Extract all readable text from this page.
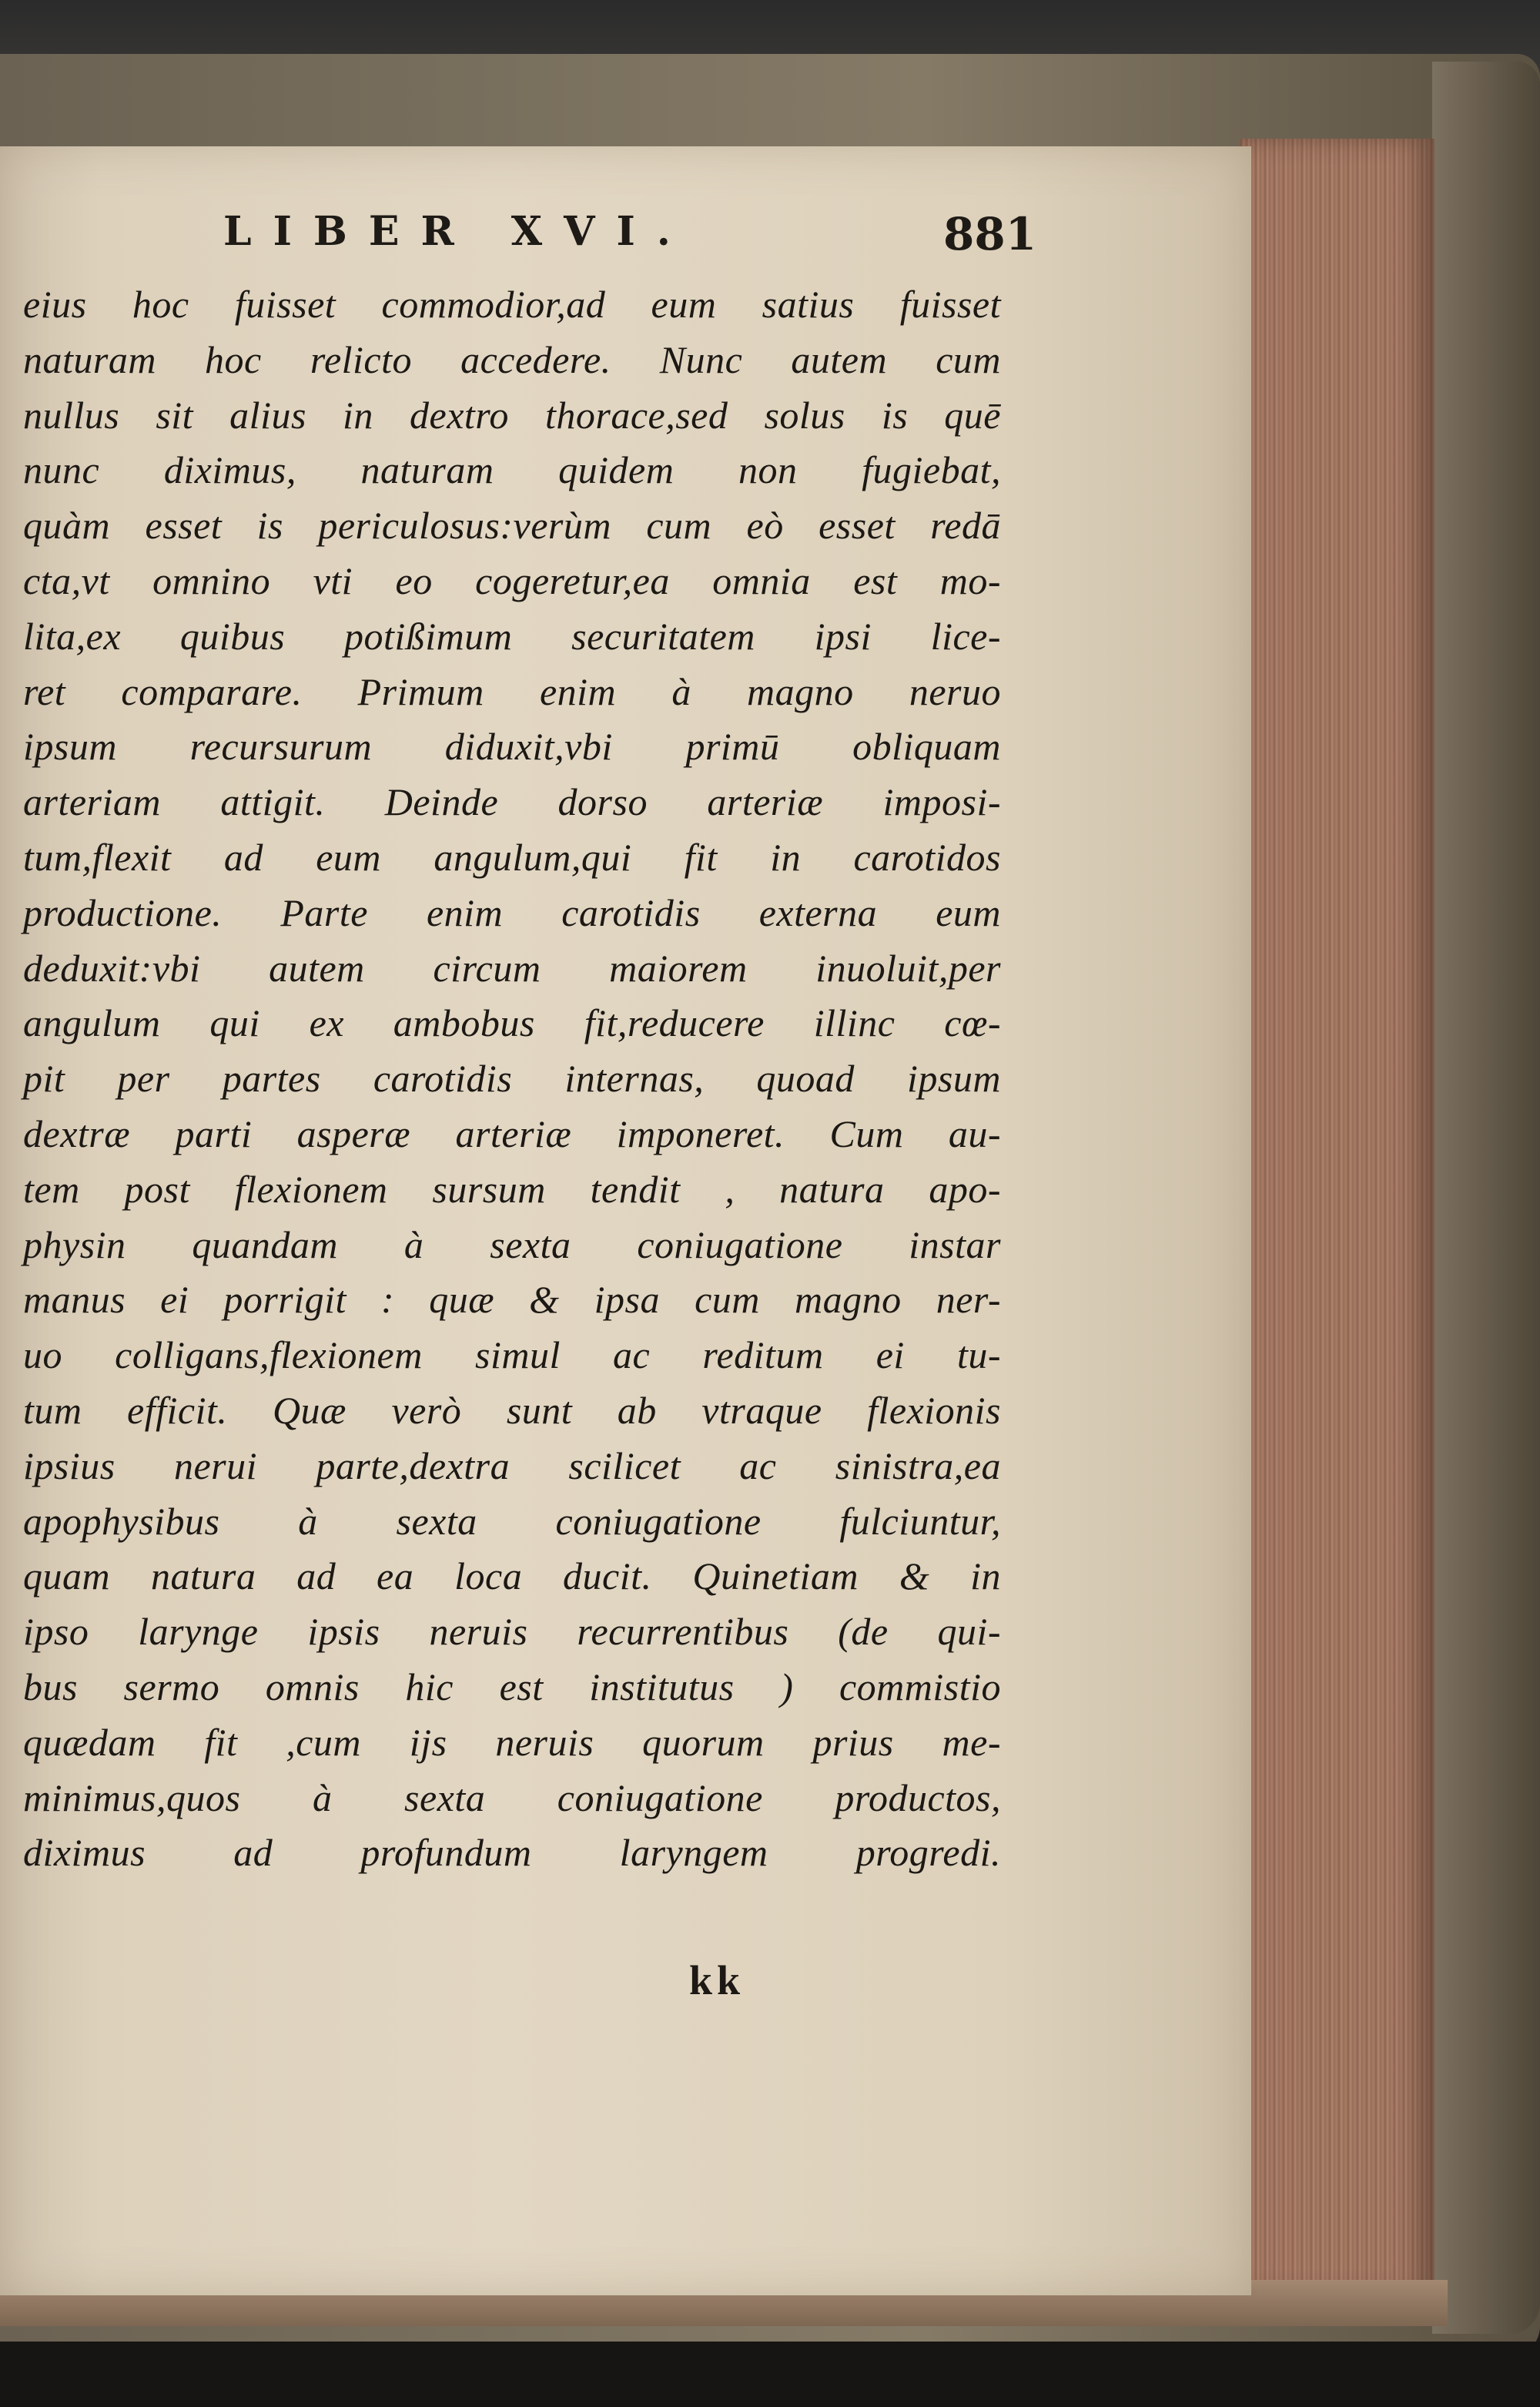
LIBER XVI.	881
eius hoc fuisset commodior,ad eum satius fuisset
naturam hoc relicto accedere. Nunc autem cum
nullus sit alius in dextro thorace,sed solus is quē
nunc diximus, naturam quidem non fugiebat,
quàm esset is periculosus:verùm cum eò esset redā
cta,vt omnino vti eo cogeretur,ea omnia est mo-
lita,ex quibus potißimum securitatem ipsi lice-
ret comparare. Primum enim à magno neruo
ipsum recursurum diduxit,vbi primū obliquam
arteriam attigit. Deinde dorso arteriæ imposi-
tum,flexit ad eum angulum,qui fit in carotidos
productione. Parte enim carotidis externa eum
deduxit:vbi autem circum maiorem inuoluit,per
angulum qui ex ambobus fit,reducere illinc cœ-
pit per partes carotidis internas, quoad ipsum
dextræ parti asperæ arteriæ imponeret. Cum au-
tem post flexionem sursum tendit , natura apo-
physin quandam à sexta coniugatione instar
manus ei porrigit : quæ & ipsa cum magno ner-
uo colligans,flexionem simul ac reditum ei tu-
tum efficit. Quæ verò sunt ab vtraque flexionis
ipsius nerui parte,dextra scilicet ac sinistra,ea
apophysibus à sexta coniugatione fulciuntur,
quam natura ad ea loca ducit. Quinetiam & in
ipso larynge ipsis neruis recurrentibus (de qui-
bus sermo omnis hic est institutus ) commistio
quædam fit ,cum ijs neruis quorum prius me-
minimus,quos à sexta coniugatione productos,
diximus ad profundum laryngem progredi.
kk
